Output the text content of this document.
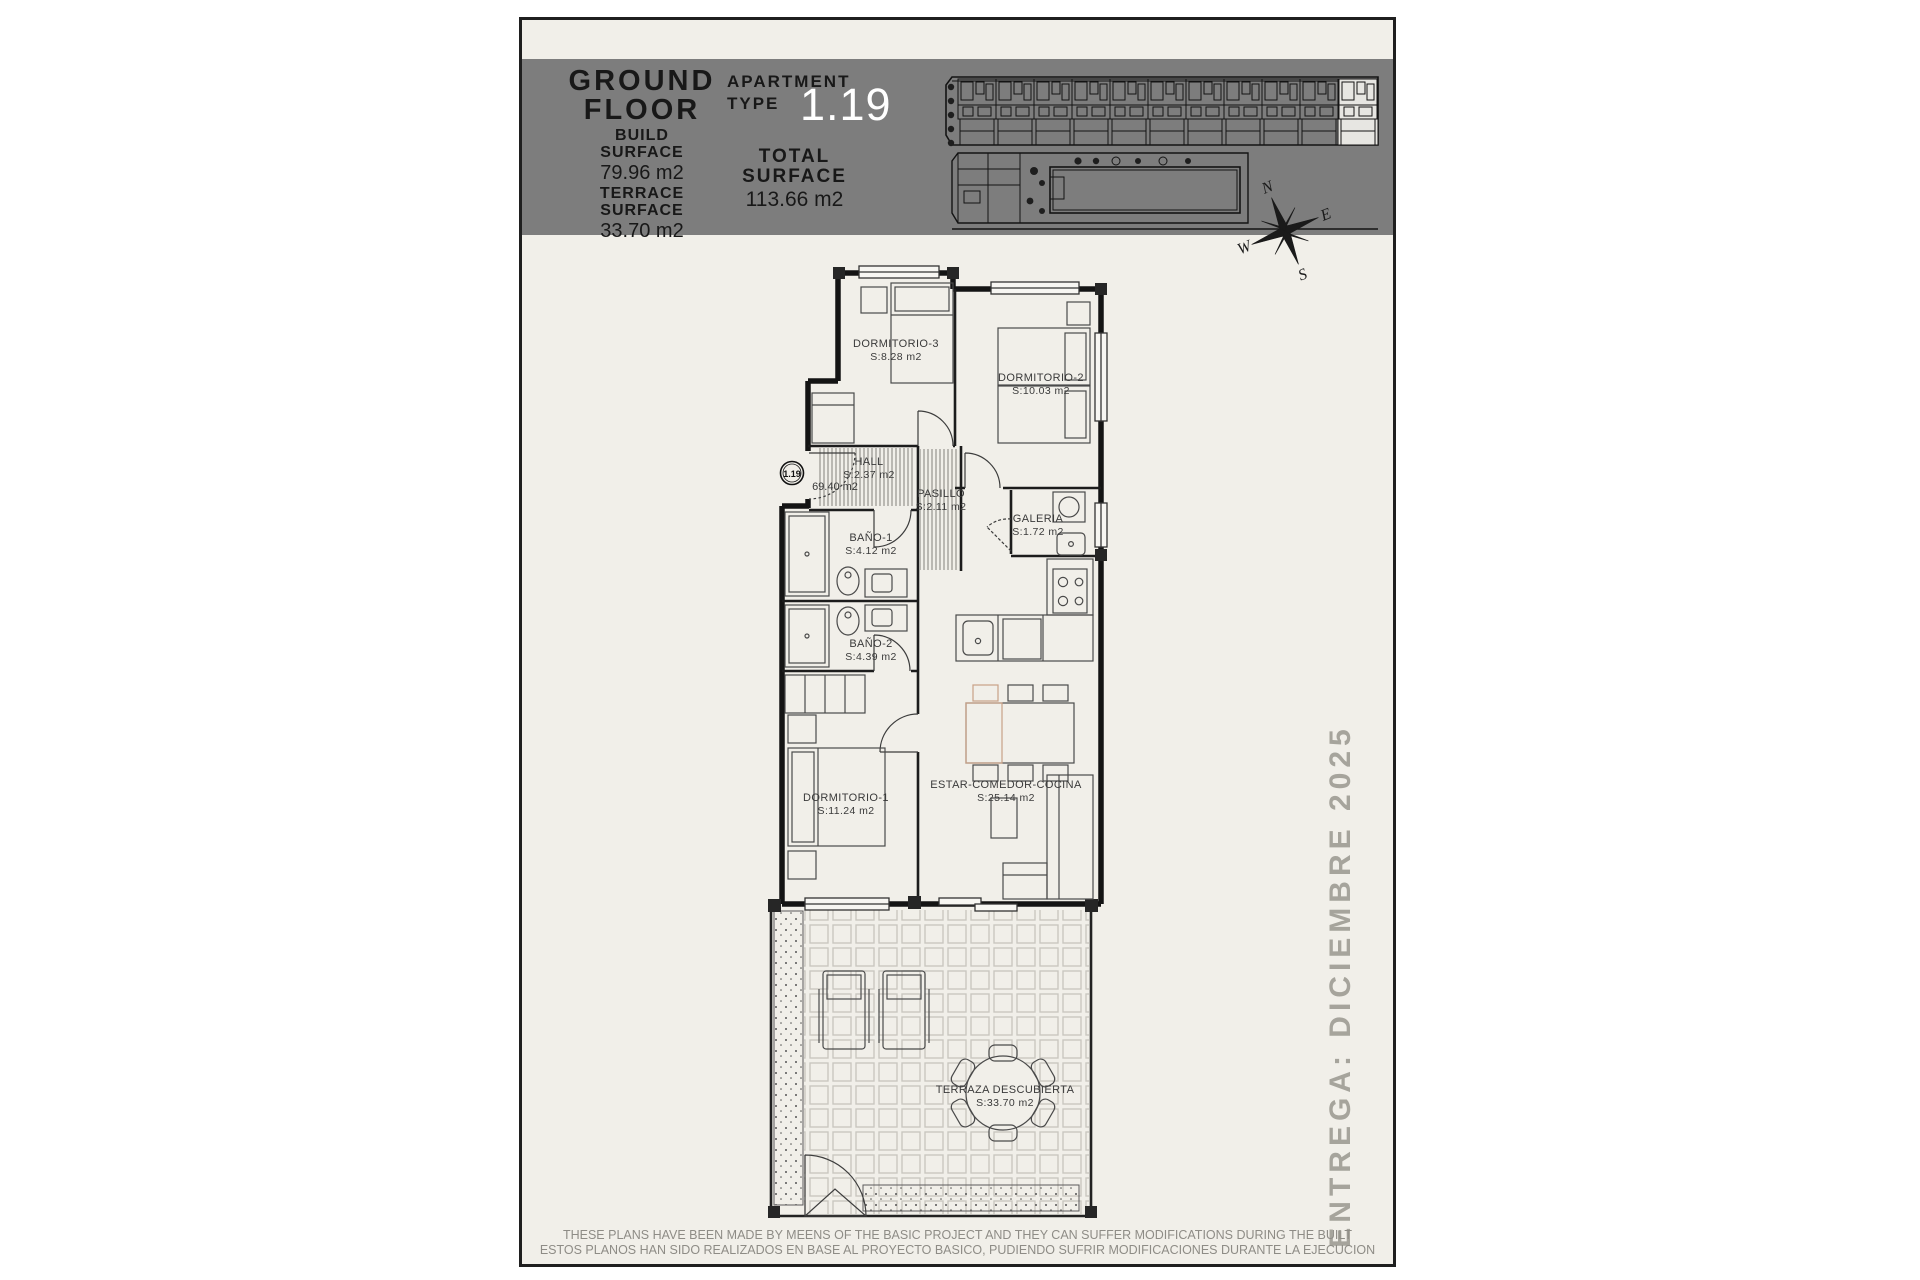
GROUND
FLOOR
BUILD
SURFACE
79.96 m2
TERRACE
SURFACE
33.70 m2
APARTMENT
TYPE 1.19
TOTAL
SURFACE
113.66 m2
N
E
S
W
1.19
DORMITORIO-3
S:8.28 m2
DORMITORIO-2
S:10.03 m2
HALL
S:2.37 m2
69.40 m2
PASILLO
S:2.11 m2
BAÑO-1
S:4.12 m2
GALERIA
S:1.72 m2
BAÑO-2
S:4.39 m2
DORMITORIO-1
S:11.24 m2
ESTAR-COMEDOR-COCINA
S:25.14 m2
TERRAZA DESCUBIERTA
S:33.70 m2	ENTREGA: DICIEMBRE 2025
THESE PLANS HAVE BEEN MADE BY MEENS OF THE BASIC PROJECT AND THEY CAN SUFFER MODIFICATIONS DURING THE BUILT
ESTOS PLANOS HAN SIDO REALIZADOS EN BASE AL PROYECTO BASICO, PUDIENDO SUFRIR MODIFICACIONES DURANTE LA EJECUCION
